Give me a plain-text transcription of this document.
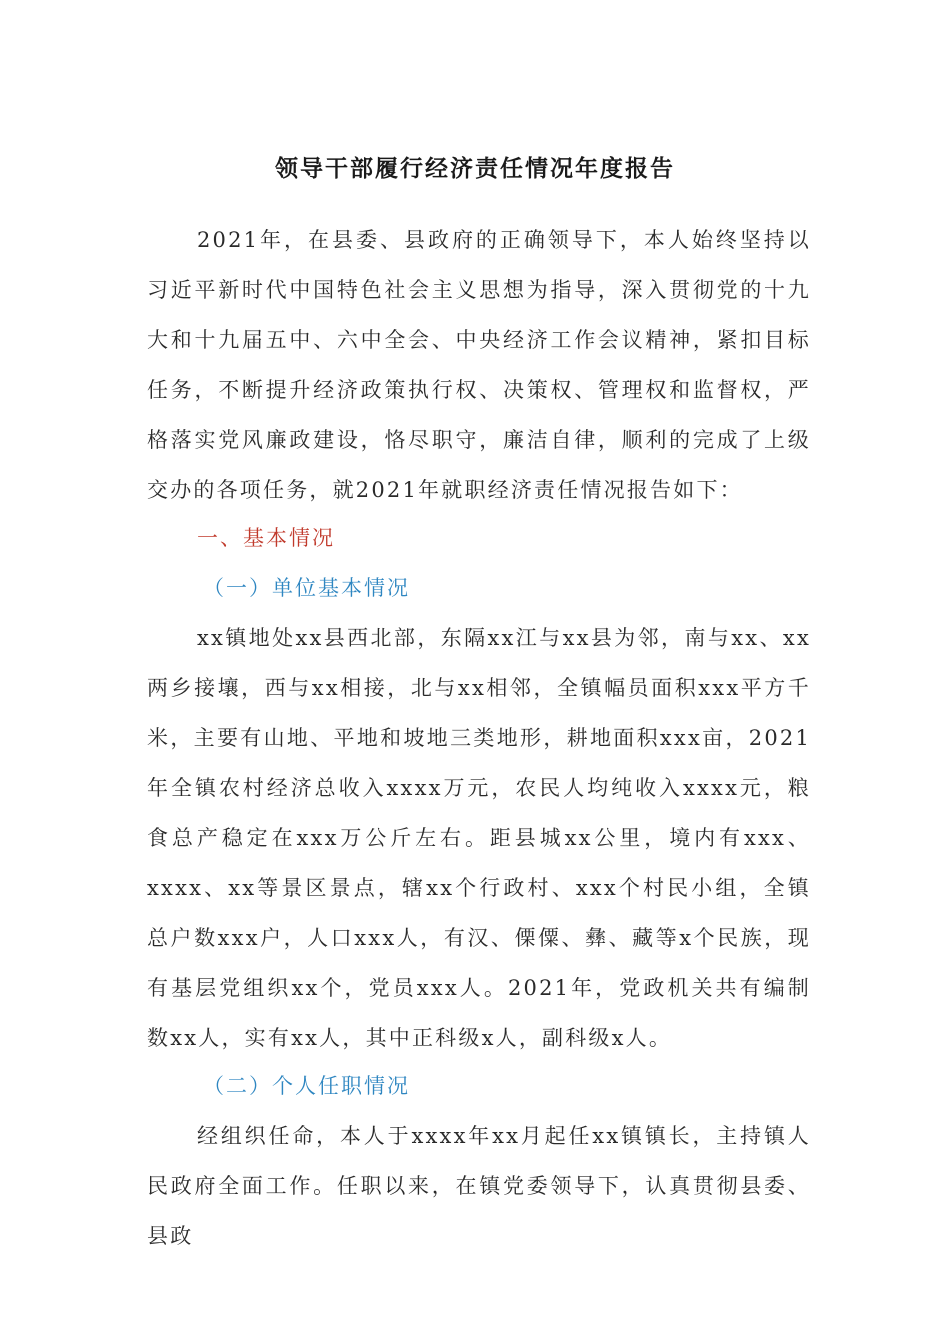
领导干部履行经济责任情况年度报告

2021年，在县委、县政府的正确领导下，本人始终坚持以习近平新时代中国特色社会主义思想为指导，深入贯彻党的十九大和十九届五中、六中全会、中央经济工作会议精神，紧扣目标任务，不断提升经济政策执行权、决策权、管理权和监督权，严格落实党风廉政建设，恪尽职守，廉洁自律，顺利的完成了上级交办的各项任务，就2021年就职经济责任情况报告如下：

一、基本情况

（一）单位基本情况

xx镇地处xx县西北部，东隔xx江与xx县为邻，南与xx、xx两乡接壤，西与xx相接，北与xx相邻，全镇幅员面积xxx平方千米，主要有山地、平地和坡地三类地形，耕地面积xxx亩，2021年全镇农村经济总收入xxxx万元，农民人均纯收入xxxx元，粮食总产稳定在xxx万公斤左右。距县城xx公里，境内有xxx、xxxx、xx等景区景点，辖xx个行政村、xxx个村民小组，全镇总户数xxx户，人口xxx人，有汉、傈僳、彝、藏等x个民族，现有基层党组织xx个，党员xxx人。2021年，党政机关共有编制数xx人，实有xx人，其中正科级x人，副科级x人。

（二）个人任职情况

经组织任命，本人于xxxx年xx月起任xx镇镇长，主持镇人民政府全面工作。任职以来，在镇党委领导下，认真贯彻县委、县政
